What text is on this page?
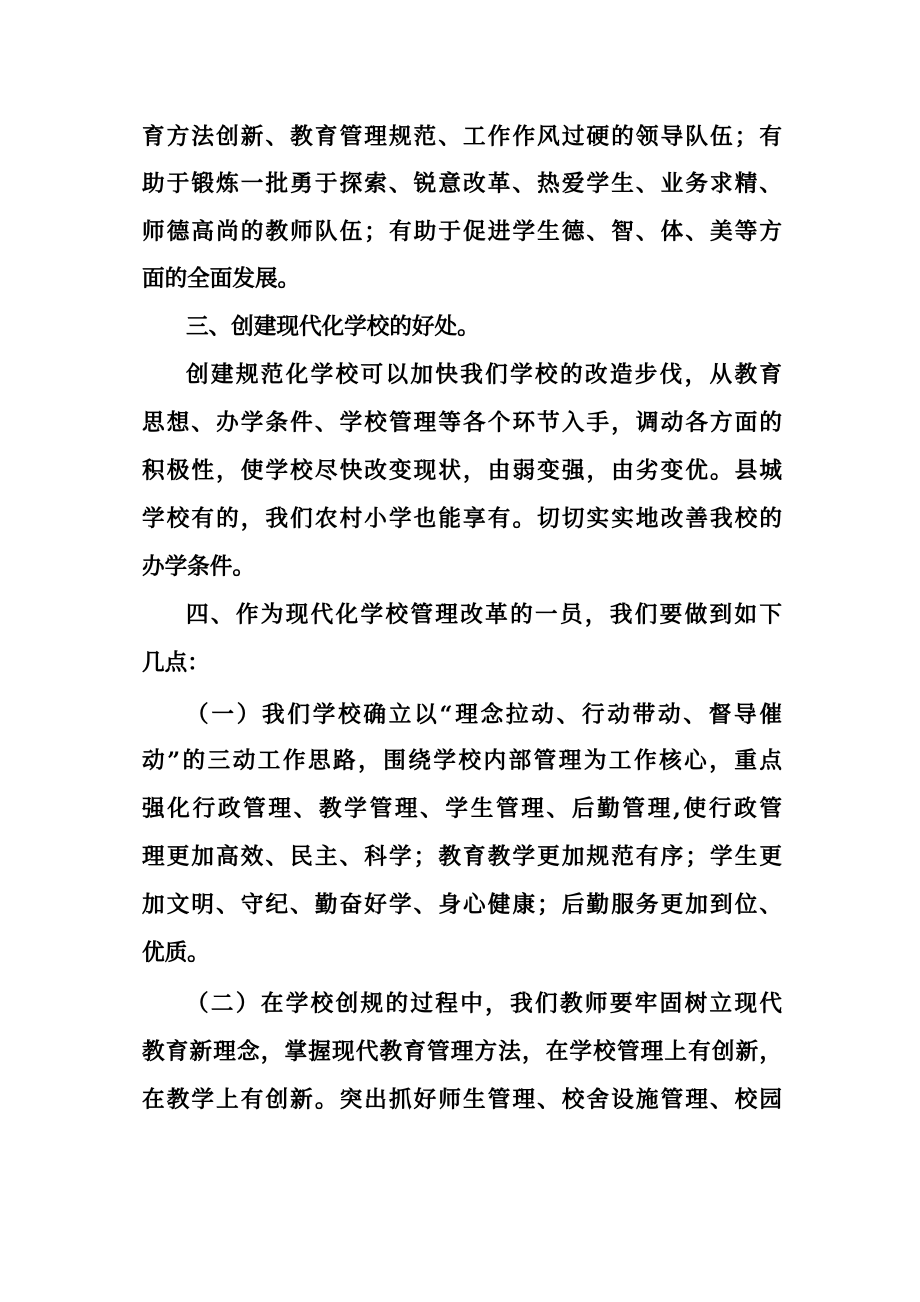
育方法创新、教育管理规范、工作作风过硬的领导队伍；有
助于锻炼一批勇于探索、锐意改革、热爱学生、业务求精、
师德高尚的教师队伍；有助于促进学生德、智、体、美等方
面的全面发展。
三、创建现代化学校的好处。
创建规范化学校可以加快我们学校的改造步伐，从教育
思想、办学条件、学校管理等各个环节入手，调动各方面的
积极性，使学校尽快改变现状，由弱变强，由劣变优。县城
学校有的，我们农村小学也能享有。切切实实地改善我校的
办学条件。
四、作为现代化学校管理改革的一员，我们要做到如下
几点：
（一）我们学校确立以“理念拉动、行动带动、督导催
动”的三动工作思路，围绕学校内部管理为工作核心，重点
强化行政管理、教学管理、学生管理、后勤管理,使行政管
理更加高效、民主、科学；教育教学更加规范有序；学生更
加文明、守纪、勤奋好学、身心健康；后勤服务更加到位、
优质。
（二）在学校创规的过程中，我们教师要牢固树立现代
教育新理念，掌握现代教育管理方法，在学校管理上有创新，
在教学上有创新。突出抓好师生管理、校舍设施管理、校园
